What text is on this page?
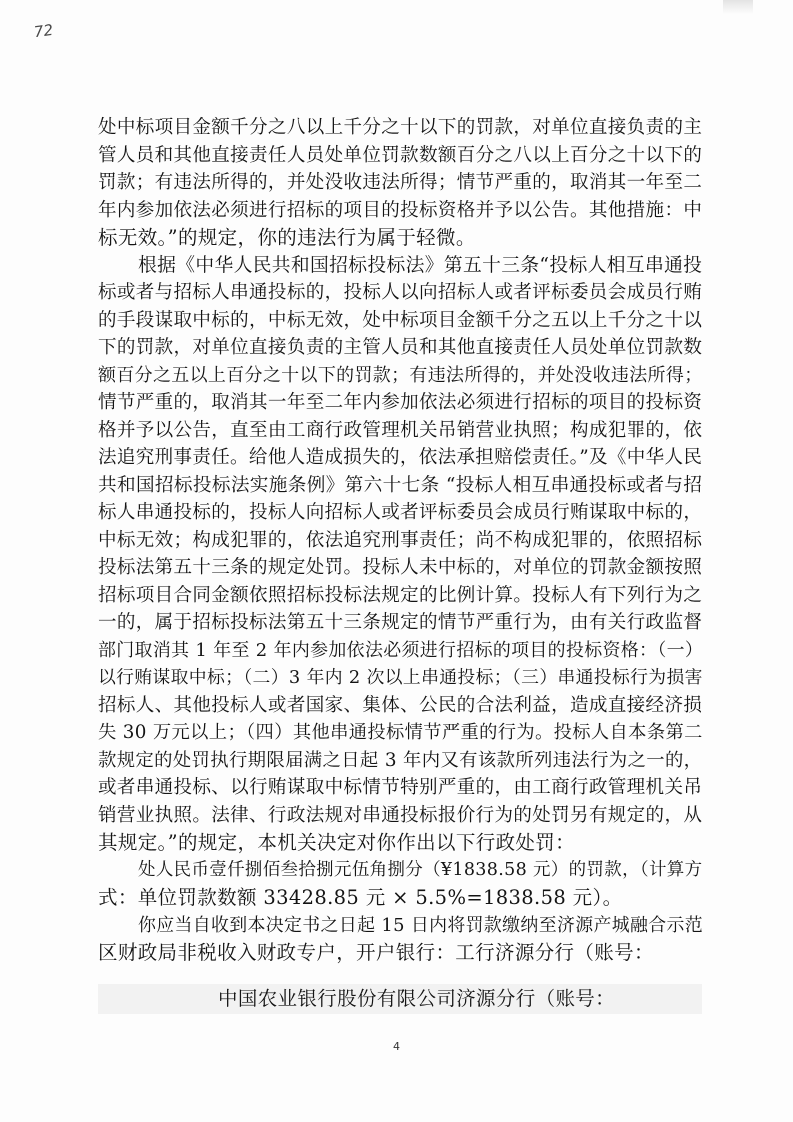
72
处中标项目金额千分之八以上千分之十以下的罚款，对单位直接负责的主
管人员和其他直接责任人员处单位罚款数额百分之八以上百分之十以下的
罚款；有违法所得的，并处没收违法所得；情节严重的，取消其一年至二
年内参加依法必须进行招标的项目的投标资格并予以公告。其他措施：中
标无效。”的规定，你的违法行为属于轻微。
根据《中华人民共和国招标投标法》第五十三条“投标人相互串通投
标或者与招标人串通投标的，投标人以向招标人或者评标委员会成员行贿
的手段谋取中标的，中标无效，处中标项目金额千分之五以上千分之十以
下的罚款，对单位直接负责的主管人员和其他直接责任人员处单位罚款数
额百分之五以上百分之十以下的罚款；有违法所得的，并处没收违法所得；
情节严重的，取消其一年至二年内参加依法必须进行招标的项目的投标资
格并予以公告，直至由工商行政管理机关吊销营业执照；构成犯罪的，依
法追究刑事责任。给他人造成损失的，依法承担赔偿责任。”及《中华人民
共和国招标投标法实施条例》第六十七条 “投标人相互串通投标或者与招
标人串通投标的，投标人向招标人或者评标委员会成员行贿谋取中标的，
中标无效；构成犯罪的，依法追究刑事责任；尚不构成犯罪的，依照招标
投标法第五十三条的规定处罚。投标人未中标的，对单位的罚款金额按照
招标项目合同金额依照招标投标法规定的比例计算。投标人有下列行为之
一的，属于招标投标法第五十三条规定的情节严重行为，由有关行政监督
部门取消其 1 年至 2 年内参加依法必须进行招标的项目的投标资格：（一）
以行贿谋取中标；（二）3 年内 2 次以上串通投标；（三）串通投标行为损害
招标人、其他投标人或者国家、集体、公民的合法利益，造成直接经济损
失 30 万元以上；（四）其他串通投标情节严重的行为。投标人自本条第二
款规定的处罚执行期限届满之日起 3 年内又有该款所列违法行为之一的，
或者串通投标、以行贿谋取中标情节特别严重的，由工商行政管理机关吊
销营业执照。法律、行政法规对串通投标报价行为的处罚另有规定的，从
其规定。”的规定，本机关决定对你作出以下行政处罚：
处人民币壹仟捌佰叁拾捌元伍角捌分（¥1838.58 元）的罚款，（计算方
式：单位罚款数额 33428.85 元 × 5.5%=1838.58 元）。
你应当自收到本决定书之日起 15 日内将罚款缴纳至济源产城融合示范
区财政局非税收入财政专户，开户银行：工行济源分行（账号：
中国农业银行股份有限公司济源分行（账号：
4
